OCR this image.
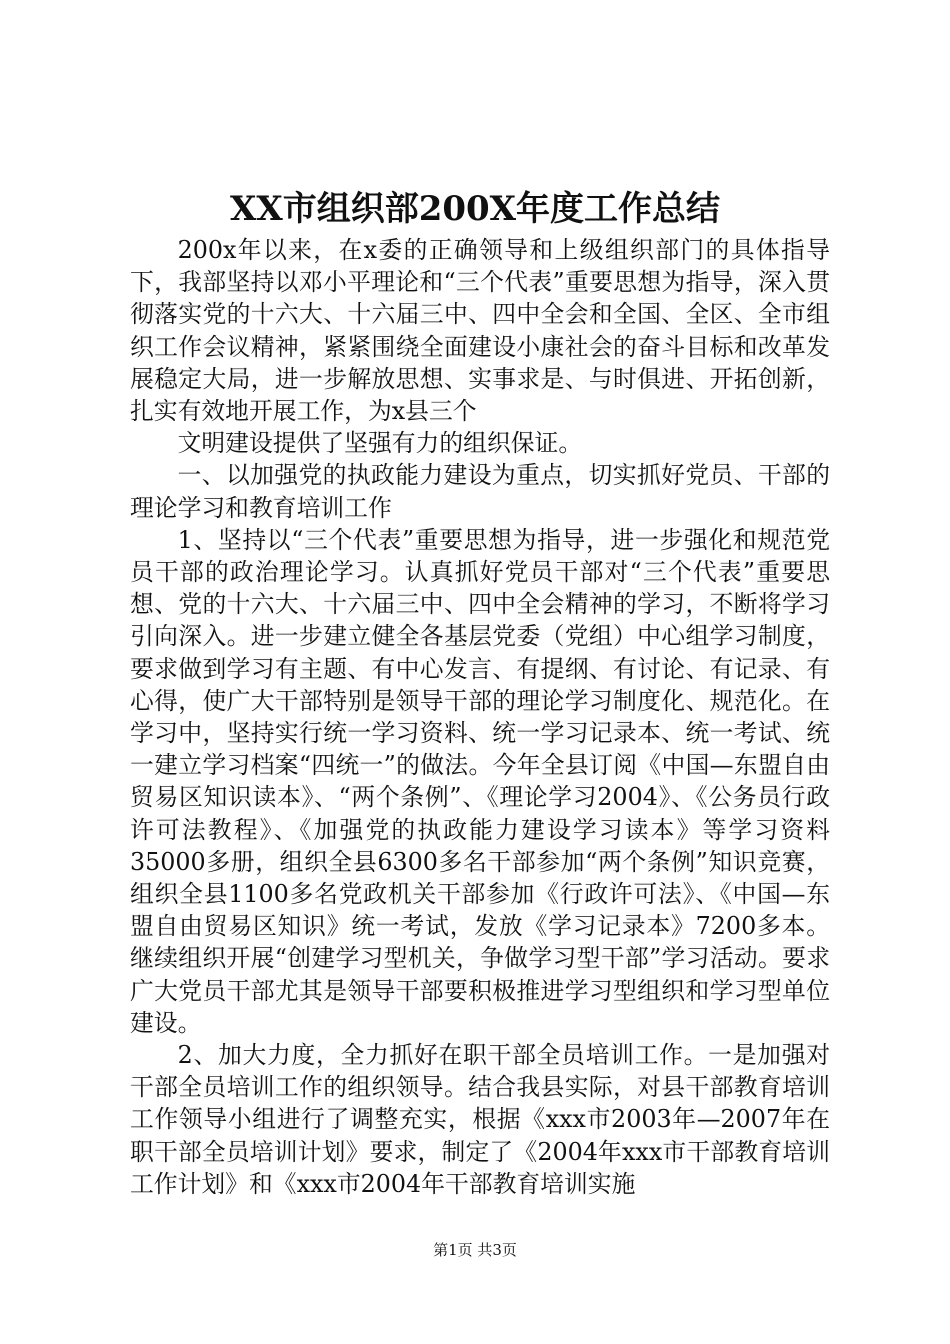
XX市组织部200X年度工作总结

200x年以来，在x委的正确领导和上级组织部门的具体指导下，我部坚持以邓小平理论和“三个代表”重要思想为指导，深入贯彻落实党的十六大、十六届三中、四中全会和全国、全区、全市组织工作会议精神，紧紧围绕全面建设小康社会的奋斗目标和改革发展稳定大局，进一步解放思想、实事求是、与时俱进、开拓创新，扎实有效地开展工作，为x县三个

文明建设提供了坚强有力的组织保证。

一、以加强党的执政能力建设为重点，切实抓好党员、干部的理论学习和教育培训工作

1、坚持以“三个代表”重要思想为指导，进一步强化和规范党员干部的政治理论学习。认真抓好党员干部对“三个代表”重要思想、党的十六大、十六届三中、四中全会精神的学习，不断将学习引向深入。进一步建立健全各基层党委（党组）中心组学习制度，要求做到学习有主题、有中心发言、有提纲、有讨论、有记录、有心得，使广大干部特别是领导干部的理论学习制度化、规范化。在学习中，坚持实行统一学习资料、统一学习记录本、统一考试、统一建立学习档案“四统一”的做法。今年全县订阅《中国—东盟自由贸易区知识读本》、“两个条例”、《理论学习2004》、《公务员行政许可法教程》、《加强党的执政能力建设学习读本》等学习资料35000多册，组织全县6300多名干部参加“两个条例”知识竞赛，组织全县1100多名党政机关干部参加《行政许可法》、《中国—东盟自由贸易区知识》统一考试，发放《学习记录本》7200多本。继续组织开展“创建学习型机关，争做学习型干部”学习活动。要求广大党员干部尤其是领导干部要积极推进学习型组织和学习型单位建设。

2、加大力度，全力抓好在职干部全员培训工作。一是加强对干部全员培训工作的组织领导。结合我县实际，对县干部教育培训工作领导小组进行了调整充实，根据《xxx市2003年—2007年在职干部全员培训计划》要求，制定了《2004年xxx市干部教育培训工作计划》和《xxx市2004年干部教育培训实施

第1页 共3页
